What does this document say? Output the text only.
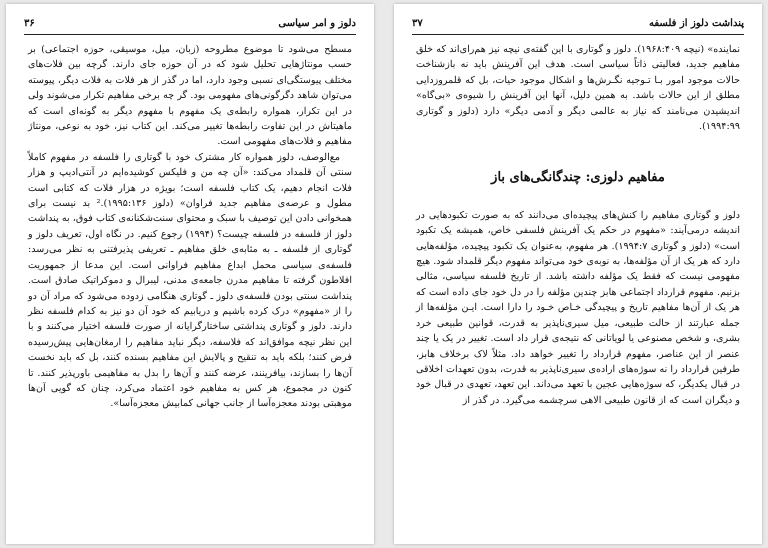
دلوز و امر سیاسی
۳۶

مسطح می‌شود تا موضوع مطروحه (زبان، میل، موسیقی، حوزه اجتماعی) بر حسب مونتاژهایی تحلیل شود که در آن حوزه جای دارند. گرچه بین فلات‌های مختلف پیوستگی‌ای نسبی وجود دارد، اما در گذر از هر فلات به فلات دیگر، پیوسته می‌توان شاهد دگرگونی‌های مفهومی بود. گر چه برخی مفاهیم تکرار می‌شوند ولی در این تکرار، همواره رابطه‌ی یک مفهوم با مفهوم دیگر به گونه‌ای است که ماهیتاش در این تفاوت رابطه‌ها تغییر می‌کند. این کتاب نیز، خود به نوعی، مونتاژ مفاهیم و فلات‌های مفهومی است.

مع‌الوصف، دلوز همواره کار مشترک خود با گوتاری را فلسفه در مفهوم کاملاً سنتی آن قلمداد می‌کند: «آن چه من و فلیکس کوشیده‌ایم در آنتی‌ادیپ و هزار فلات انجام دهیم، یک کتاب فلسفه است؛ بویژه در هزار فلات که کتابی است مطول و عرصه‌ی مفاهیم جدید فراوان» (دلوز ۱۹۹۵:۱۳۶).² بد نیست برای همخوانی دادن این توصیف با سبک و محتوای سنت‌شکنانه‌ی کتاب فوق، به پنداشت دلوز از فلسفه در فلسفه چیست؟ (۱۹۹۴) رجوع کنیم. در نگاه اول، تعریف دلوز و گوتاری از فلسفه ـ به مثابه‌ی خلق مفاهیم ـ تعریفی پذیرفتنی به نظر می‌رسد: فلسفه‌ی سیاسی محمل ابداع مفاهیم فراوانی است. این مدعا از جمهوریت افلاطون گرفته تا مفاهیم مدرن جامعه‌ی مدنی، لیبرال و دموکراتیک صادق است. پنداشت سنتی بودن فلسفه‌ی دلوز ـ گوتاری هنگامی زدوده می‌شود که مراد آن دو را از «مفهوم» درک کرده باشیم و دریابیم که خود آن دو نیز به کدام فلسفه نظر دارند. دلوز و گوتاری پنداشتی ساختارگرایانه از صورت فلسفه اختیار می‌کنند و با این نظر نیچه موافق‌اند که فلاسفه، دیگر نباید مفاهیم را ارمغان‌هایی پیش‌رسیده فرض کنند؛ بلکه باید به تنقیح و پالایش این مفاهیم بسنده کنند، بل که باید نخست آن‌ها را بسازند، بیافرینند، عرضه کنند و آن‌ها را بدل به مفاهیمی باورپذیر کنند. تا کنون در مجموع، هر کس به مفاهیم خود اعتماد می‌کرد، چنان که گویی آن‌ها موهبتی بودند معجزه‌آسا از جانب جهانی کمابیش معجزه‌آسا».

پنداشت دلوز از فلسفه
۳۷

نماینده» (نیچه ۱۹۶۸:۴۰۹). دلوز و گوتاری با این گفته‌ی نیچه نیز هم‌رای‌اند که خلق مفاهیم جدید، فعالیتی ذاتاً سیاسی است. هدف این آفرینش باید نه بازشناخت حالات موجود امور بـا تـوجیه نگـرش‌ها و اشکال موجود حیات، بل که قلمروزدایی مطلق از این حالات باشد. به همین دلیل، آنها این آفرینش را شیوه‌ی «بی‌گاه» اندیشیدن می‌نامند که نیاز به عالمی دیگر و آدمی دیگر» دارد (دلوز و گوتاری ۱۹۹۴:۹۹).

مفاهیم دلوزی: چندگانگی‌های باز

دلوز و گوتاری مفاهیم را کنش‌های پیچیده‌ای می‌دانند که به صورت تکبودهایی در اندیشه درمی‌آیند: «مفهوم در حکم یک آفرینش فلسفی خاص، همیشه یک تکبود است» (دلوز و گوتاری ۱۹۹۴:۷). هر مفهوم، به‌عنوان یک تکبود پیچیده، مؤلفه‌هایی دارد که هر یک از آن مؤلفه‌ها، به نوبه‌ی خود می‌تواند مفهوم دیگر قلمداد شود. هیچ مفهومی نیست که فقط یک مؤلفه داشته باشد. از تاریخ فلسفه سیاسی، مثالی بزنیم. مفهوم قرارداد اجتماعی هابز چندین مؤلفه را در دل خود جای داده است که هر یک از آن‌ها مفاهیم تاریخ و پیچیدگی خـاص خـود را دارا است. ایـن مؤلفه‌ها از جمله عبارتند از حالت طبیعی، میل سیری‌ناپذیر به قدرت، قوانین طبیعی خرد بشری، و شخص مصنوعی یا لویاتانی که نتیجه‌ی قرار داد است. تغییر در یک یا چند عنصر از این عناصر، مفهوم قرارداد را تغییر خواهد داد. مثلاً لاک برخلاف هابز، طرفین قرارداد را نه سوژه‌های اراده‌ی سیری‌ناپذیر به قدرت، بدون تعهدات اخلاقی در قبال یکدیگر، که سوژه‌هایی عجین با تعهد می‌داند. این تعهد، تعهدی در قبال خود و دیگران است که از قانون طبیعی الاهی سرچشمه می‌گیرد. در گذر از
